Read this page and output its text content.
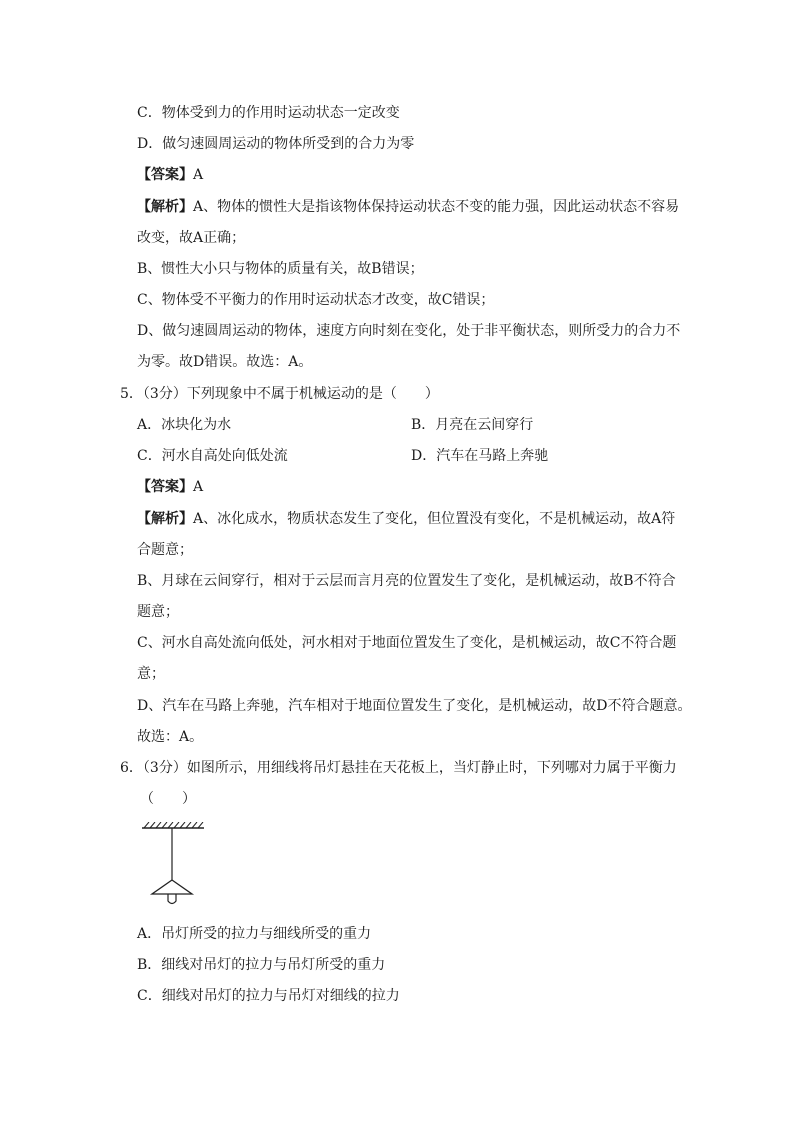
C．物体受到力的作用时运动状态一定改变
D．做匀速圆周运动的物体所受到的合力为零
【答案】A
【解析】A、物体的惯性大是指该物体保持运动状态不变的能力强，因此运动状态不容易
改变，故A正确；
B、惯性大小只与物体的质量有关，故B错误；
C、物体受不平衡力的作用时运动状态才改变，故C错误；
D、做匀速圆周运动的物体，速度方向时刻在变化，处于非平衡状态，则所受力的合力不
为零。故D错误。故选：A。
5．（3分）下列现象中不属于机械运动的是（　　）
A．冰块化为水	B．月亮在云间穿行
C．河水自高处向低处流	D．汽车在马路上奔驰
【答案】A
【解析】A、冰化成水，物质状态发生了变化，但位置没有变化，不是机械运动，故A符
合题意；
B、月球在云间穿行，相对于云层而言月亮的位置发生了变化，是机械运动，故B不符合
题意；
C、河水自高处流向低处，河水相对于地面位置发生了变化，是机械运动，故C不符合题
意；
D、汽车在马路上奔驰，汽车相对于地面位置发生了变化，是机械运动，故D不符合题意。
故选：A。
6．（3分）如图所示，用细线将吊灯悬挂在天花板上，当灯静止时，下列哪对力属于平衡力
（　　）
A．吊灯所受的拉力与细线所受的重力
B．细线对吊灯的拉力与吊灯所受的重力
C．细线对吊灯的拉力与吊灯对细线的拉力
